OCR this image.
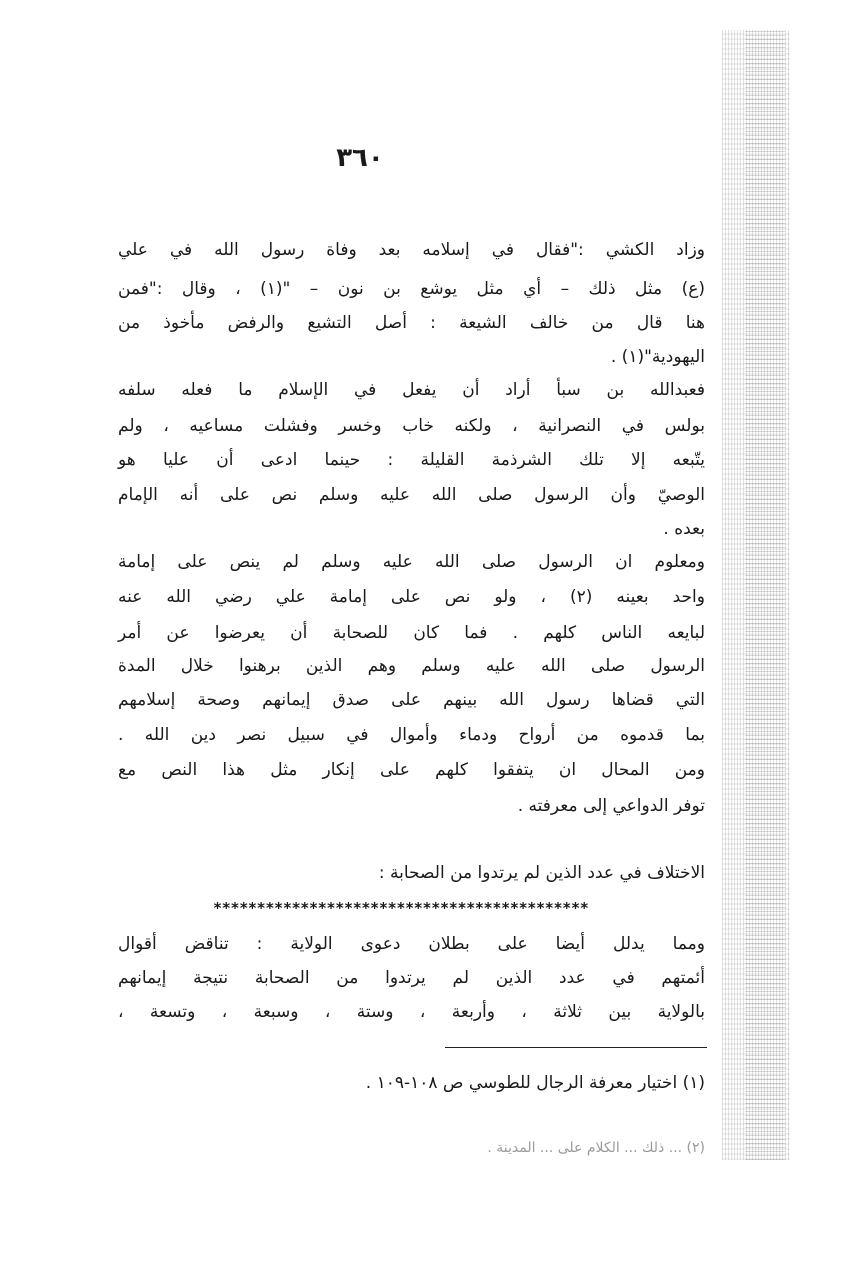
٣٦٠
وزاد الكشي :"فقال في إسلامه بعد وفاة رسول الله في علي
(ع) مثل ذلك – أي مثل يوشع بن نون – "(١) ، وقال :"فمن
هنا قال من خالف الشيعة : أصل التشيع والرفض مأخوذ من
اليهودية"(١) .
فعبدالله بن سبأ أراد أن يفعل في الإسلام ما فعله سلفه
بولس في النصرانية ، ولكنه خاب وخسر وفشلت مساعيه ، ولم
يتّبعه إلا تلك الشرذمة القليلة : حينما ادعى أن عليا هو
الوصيّ وأن الرسول صلى الله عليه وسلم نص على أنه الإمام
بعده .
ومعلوم ان الرسول صلى الله عليه وسلم لم ينص على إمامة
واحد بعينه (٢) ، ولو نص على إمامة علي رضي الله عنه
لبايعه الناس كلهم . فما كان للصحابة أن يعرضوا عن أمر
الرسول صلى الله عليه وسلم وهم الذين برهنوا خلال المدة
التي قضاها رسول الله بينهم على صدق إيمانهم وصحة إسلامهم
بما قدموه من أرواح ودماء وأموال في سبيل نصر دين الله .
ومن المحال ان يتفقوا كلهم على إنكار مثل هذا النص مع
توفر الدواعي إلى معرفته .
الاختلاف في عدد الذين لم يرتدوا من الصحابة :
*******************************************
ومما يدلل أيضا على بطلان دعوى الولاية : تناقض أقوال
أئمتهم في عدد الذين لم يرتدوا من الصحابة نتيجة إيمانهم
بالولاية بين ثلاثة ، وأربعة ، وستة ، وسبعة ، وتسعة ،
(١) اختيار معرفة الرجال للطوسي ص ١٠٨-١٠٩ .
(٢) ... ذلك ... الكلام على ... المدينة .
